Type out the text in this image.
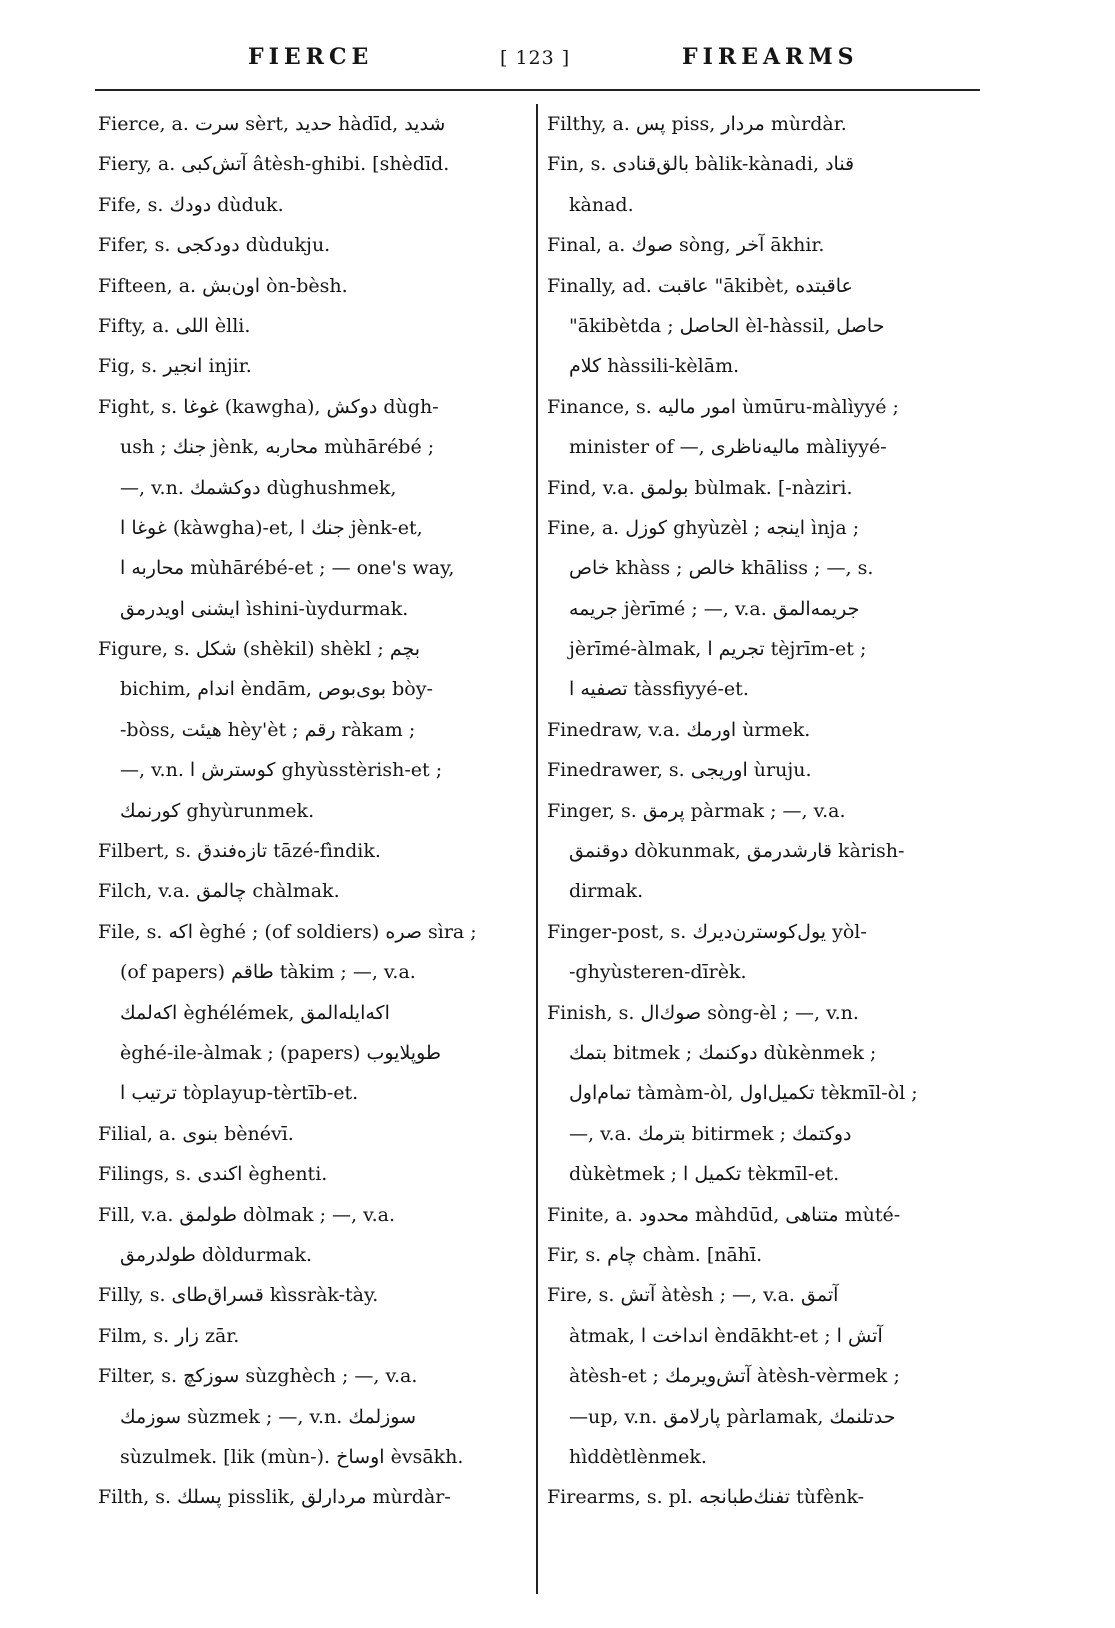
FIERCE	[ 123 ]	FIREARMS
Fierce, a. سرت sèrt, حديد hàdīd, شديد
Fiery, a. آتش‌كبى âtèsh-ghibi. [shèdīd.
Fife, s. دودك dùduk.
Fifer, s. دودكجى dùdukju.
Fifteen, a. اون‌بش òn-bèsh.
Fifty, a. اللى èlli.
Fig, s. انجير injir.
Fight, s. غوغا (kawgha), دوكش dùgh-
ush ; جنك jènk, محاربه mùhārébé ;
—, v.n. دوكشمك dùghushmek,
غوغا ا (kàwgha)-et, جنك ا jènk-et,
محاربه ا mùhārébé-et ; — one's way,
ايشنى اويدرمق ìshini-ùydurmak.
Figure, s. شكل (shèkil) shèkl ; بچم
bichim, اندام èndām, بوى‌بوص bòy-
-bòss, هيئت hèy'èt ; رقم ràkam ;
—, v.n. كوسترش ا ghyùsstèrish-et ;
كورنمك ghyùrunmek.
Filbert, s. تازه‌فندق tāzé-fìndik.
Filch, v.a. چالمق chàlmak.
File, s. اكه èghé ; (of soldiers) صره sìra ;
(of papers) طاقم tàkim ; —, v.a.
اكه‌لمك èghélémek, اكه‌ايله‌المق
èghé-ile-àlmak ; (papers) طوپلايوب
ترتيب ا tòplayup-tèrtīb-et.
Filial, a. بنوى bènévī.
Filings, s. اكندى èghenti.
Fill, v.a. طولمق dòlmak ; —, v.a.
طولدرمق dòldurmak.
Filly, s. قسراق‌طاى kìssràk-tày.
Film, s. زار zār.
Filter, s. سوزكچ sùzghèch ; —, v.a.
سوزمك sùzmek ; —, v.n. سوزلمك
sùzulmek. [lik (mùn-). اوساخ èvsākh.
Filth, s. پسلك pisslik, مردارلق mùrdàr-
Filthy, a. پس piss, مردار mùrdàr.
Fin, s. بالق‌قنادى bàlik-kànadi, قناد
kànad.
Final, a. صوك sòng, آخر ākhir.
Finally, ad. عاقبت "ākibèt, عاقبتده
"ākibètda ; الحاصل èl-hàssil, حاصل
كلام hàssili-kèlām.
Finance, s. امور ماليه ùmūru-màlìyyé ;
minister of —, ماليه‌ناظرى màliyyé-
Find, v.a. بولمق bùlmak. [-nàziri.
Fine, a. كوزل ghyùzèl ; اينجه ìnja ;
خاص khàss ; خالص khāliss ; —, s.
جريمه jèrīmé ; —, v.a. جريمه‌المق
jèrīmé-àlmak, تجريم ا tèjrīm-et ;
تصفيه ا tàssfiyyé-et.
Finedraw, v.a. اورمك ùrmek.
Finedrawer, s. اوريجى ùruju.
Finger, s. پرمق pàrmak ; —, v.a.
دوقنمق dòkunmak, قارشدرمق kàrish-
dirmak.
Finger-post, s. يول‌كوسترن‌ديرك yòl-
-ghyùsteren-dīrèk.
Finish, s. صوك‌ال sòng-èl ; —, v.n.
بتمك bitmek ; دوكنمك dùkènmek ;
تمام‌اول tàmàm-òl, تكميل‌اول tèkmīl-òl ;
—, v.a. بترمك bitirmek ; دوكتمك
dùkètmek ; تكميل ا tèkmīl-et.
Finite, a. محدود màhdūd, متناهى mùté-
Fir, s. چام chàm. [nāhī.
Fire, s. آتش àtèsh ; —, v.a. آتمق
àtmak, انداخت ا èndākht-et ; آتش ا
àtèsh-et ; آتش‌ويرمك àtèsh-vèrmek ;
—up, v.n. پارلامق pàrlamak, حدتلنمك
hìddètlènmek.
Firearms, s. pl. تفنك‌طبانجه tùfènk-
